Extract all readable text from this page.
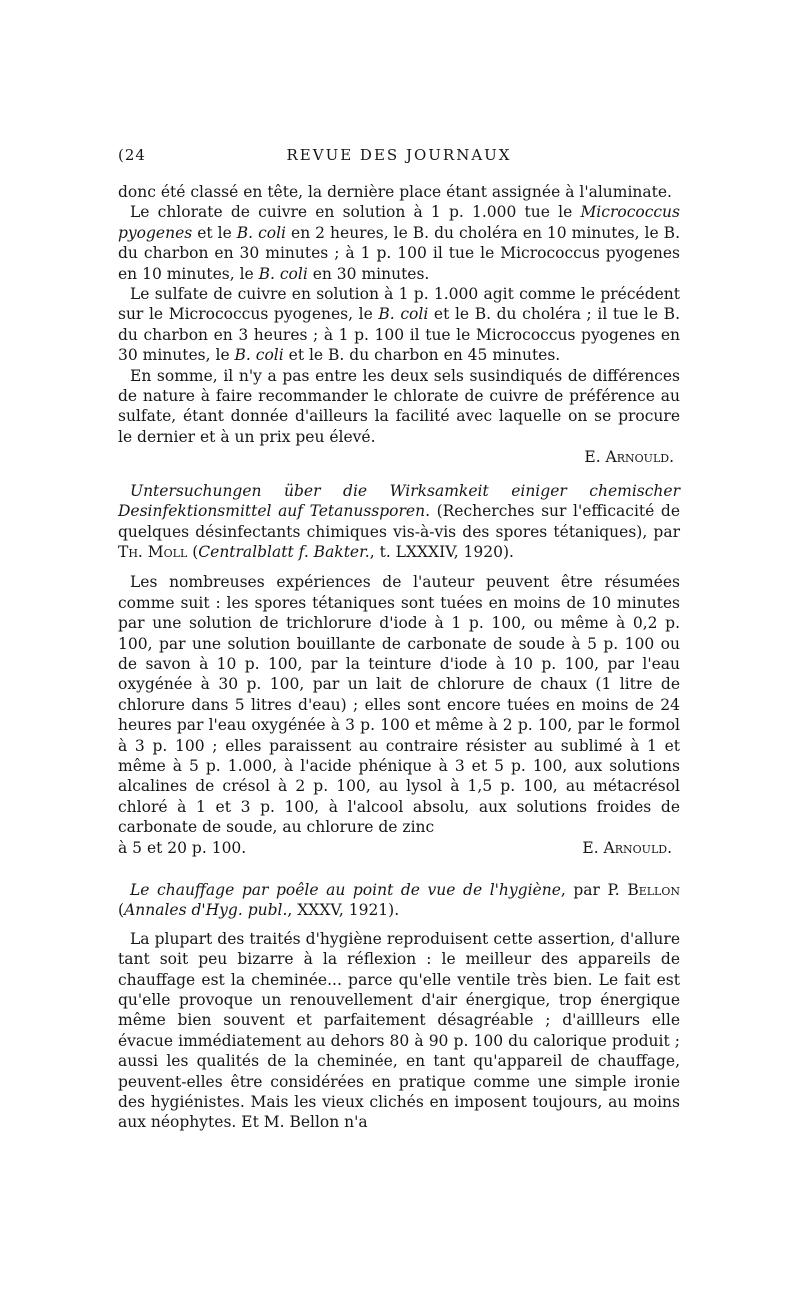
(24	REVUE DES JOURNAUX

donc été classé en tête, la dernière place étant assignée à l'aluminate.

Le chlorate de cuivre en solution à 1 p. 1.000 tue le Micrococcus pyogenes et le B. coli en 2 heures, le B. du choléra en 10 minutes, le B. du charbon en 30 minutes ; à 1 p. 100 il tue le Micrococcus pyogenes en 10 minutes, le B. coli en 30 minutes.

Le sulfate de cuivre en solution à 1 p. 1.000 agit comme le précédent sur le Micrococcus pyogenes, le B. coli et le B. du choléra ; il tue le B. du charbon en 3 heures ; à 1 p. 100 il tue le Micrococcus pyogenes en 30 minutes, le B. coli et le B. du charbon en 45 minutes.

En somme, il n'y a pas entre les deux sels susindiqués de différences de nature à faire recommander le chlorate de cuivre de préférence au sulfate, étant donnée d'ailleurs la facilité avec laquelle on se procure le dernier et à un prix peu élevé.

E. Arnould.

Untersuchungen über die Wirksamkeit einiger chemischer Desinfektionsmittel auf Tetanussporen. (Recherches sur l'efficacité de quelques désinfectants chimiques vis-à-vis des spores tétaniques), par Th. Moll (Centralblatt f. Bakter., t. LXXXIV, 1920).

Les nombreuses expériences de l'auteur peuvent être résumées comme suit : les spores tétaniques sont tuées en moins de 10 minutes par une solution de trichlorure d'iode à 1 p. 100, ou même à 0,2 p. 100, par une solution bouillante de carbonate de soude à 5 p. 100 ou de savon à 10 p. 100, par la teinture d'iode à 10 p. 100, par l'eau oxygénée à 30 p. 100, par un lait de chlorure de chaux (1 litre de chlorure dans 5 litres d'eau) ; elles sont encore tuées en moins de 24 heures par l'eau oxygénée à 3 p. 100 et même à 2 p. 100, par le formol à 3 p. 100 ; elles paraissent au contraire résister au sublimé à 1 et même à 5 p. 1.000, à l'acide phénique à 3 et 5 p. 100, aux solutions alcalines de crésol à 2 p. 100, au lysol à 1,5 p. 100, au métacrésol chloré à 1 et 3 p. 100, à l'alcool absolu, aux solutions froides de carbonate de soude, au chlorure de zinc

à 5 et 20 p. 100.	E. Arnould.

Le chauffage par poêle au point de vue de l'hygiène, par P. Bellon (Annales d'Hyg. publ., XXXV, 1921).

La plupart des traités d'hygiène reproduisent cette assertion, d'allure tant soit peu bizarre à la réflexion : le meilleur des appareils de chauffage est la cheminée... parce qu'elle ventile très bien. Le fait est qu'elle provoque un renouvellement d'air énergique, trop énergique même bien souvent et parfaitement désagréable ; d'aillleurs elle évacue immédiatement au dehors 80 à 90 p. 100 du calorique produit ; aussi les qualités de la cheminée, en tant qu'appareil de chauffage, peuvent-elles être considérées en pratique comme une simple ironie des hygiénistes. Mais les vieux clichés en imposent toujours, au moins aux néophytes. Et M. Bellon n'a
